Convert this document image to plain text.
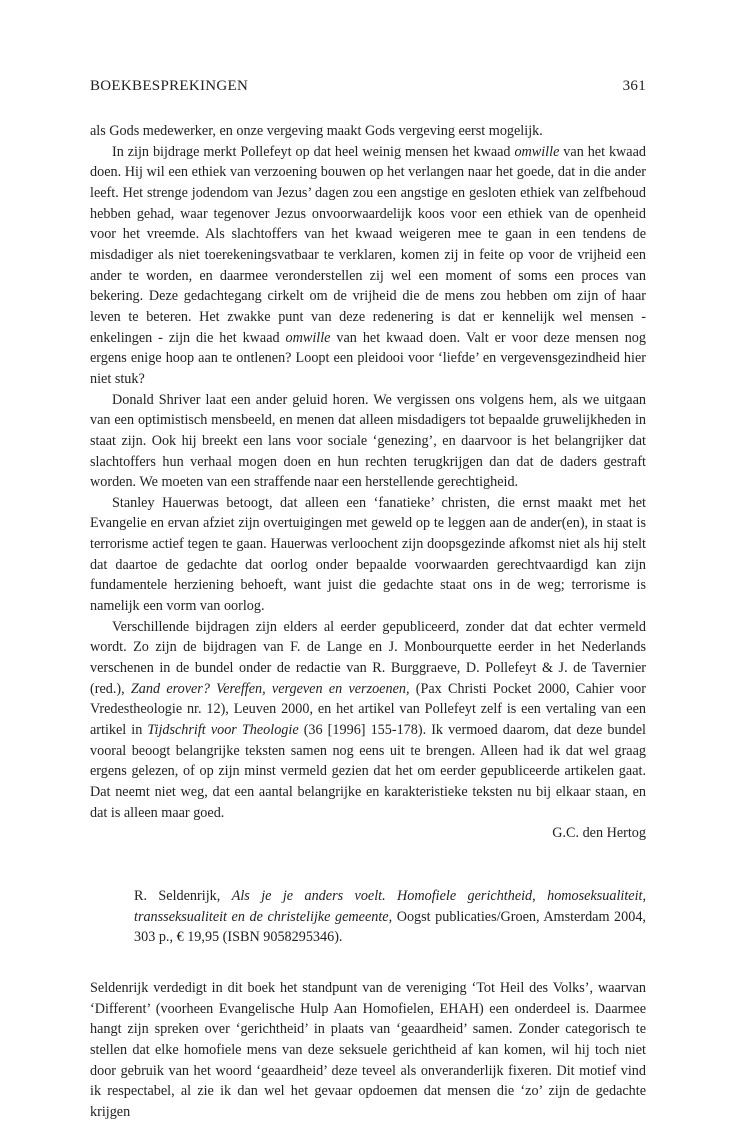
BOEKBESPREKINGEN	361

als Gods medewerker, en onze vergeving maakt Gods vergeving eerst mogelijk.

In zijn bijdrage merkt Pollefeyt op dat heel weinig mensen het kwaad omwille van het kwaad doen. Hij wil een ethiek van verzoening bouwen op het verlangen naar het goede, dat in die ander leeft. Het strenge jodendom van Jezus’ dagen zou een angstige en gesloten ethiek van zelfbehoud hebben gehad, waar tegenover Jezus onvoorwaardelijk koos voor een ethiek van de openheid voor het vreemde. Als slachtoffers van het kwaad weigeren mee te gaan in een tendens de misdadiger als niet toerekeningsvatbaar te verklaren, komen zij in feite op voor de vrijheid een ander te worden, en daarmee veronderstellen zij wel een moment of soms een proces van bekering. Deze gedachtegang cirkelt om de vrijheid die de mens zou hebben om zijn of haar leven te beteren. Het zwakke punt van deze redenering is dat er kennelijk wel mensen - enkelingen - zijn die het kwaad omwille van het kwaad doen. Valt er voor deze mensen nog ergens enige hoop aan te ontlenen? Loopt een pleidooi voor ‘liefde’ en vergevensgezindheid hier niet stuk?

Donald Shriver laat een ander geluid horen. We vergissen ons volgens hem, als we uitgaan van een optimistisch mensbeeld, en menen dat alleen misdadigers tot bepaalde gruwelijkheden in staat zijn. Ook hij breekt een lans voor sociale ‘genezing’, en daarvoor is het belangrijker dat slachtoffers hun verhaal mogen doen en hun rechten terugkrijgen dan dat de daders gestraft worden. We moeten van een straffende naar een herstellende gerechtigheid.

Stanley Hauerwas betoogt, dat alleen een ‘fanatieke’ christen, die ernst maakt met het Evangelie en ervan afziet zijn overtuigingen met geweld op te leggen aan de ander(en), in staat is terrorisme actief tegen te gaan. Hauerwas verloochent zijn doopsgezinde afkomst niet als hij stelt dat daartoe de gedachte dat oorlog onder bepaalde voorwaarden gerechtvaardigd kan zijn fundamentele herziening behoeft, want juist die gedachte staat ons in de weg; terrorisme is namelijk een vorm van oorlog.

Verschillende bijdragen zijn elders al eerder gepubliceerd, zonder dat dat echter vermeld wordt. Zo zijn de bijdragen van F. de Lange en J. Monbourquette eerder in het Nederlands verschenen in de bundel onder de redactie van R. Burggraeve, D. Pollefeyt & J. de Tavernier (red.), Zand erover? Vereffen, vergeven en verzoenen, (Pax Christi Pocket 2000, Cahier voor Vredestheologie nr. 12), Leuven 2000, en het artikel van Pollefeyt zelf is een vertaling van een artikel in Tijdschrift voor Theologie (36 [1996] 155-178). Ik vermoed daarom, dat deze bundel vooral beoogt belangrijke teksten samen nog eens uit te brengen. Alleen had ik dat wel graag ergens gelezen, of op zijn minst vermeld gezien dat het om eerder gepubliceerde artikelen gaat. Dat neemt niet weg, dat een aantal belangrijke en karakteristieke teksten nu bij elkaar staan, en dat is alleen maar goed.

G.C. den Hertog

R. Seldenrijk, Als je je anders voelt. Homofiele gerichtheid, homoseksualiteit, transseksualiteit en de christelijke gemeente, Oogst publicaties/Groen, Amsterdam 2004, 303 p., € 19,95 (ISBN 9058295346).

Seldenrijk verdedigt in dit boek het standpunt van de vereniging ‘Tot Heil des Volks’, waarvan ‘Different’ (voorheen Evangelische Hulp Aan Homofielen, EHAH) een onderdeel is. Daarmee hangt zijn spreken over ‘gerichtheid’ in plaats van ‘geaardheid’ samen. Zonder categorisch te stellen dat elke homofiele mens van deze seksuele gerichtheid af kan komen, wil hij toch niet door gebruik van het woord ‘geaardheid’ deze teveel als onveranderlijk fixeren. Dit motief vind ik respectabel, al zie ik dan wel het gevaar opdoemen dat mensen die ‘zo’ zijn de gedachte krijgen
